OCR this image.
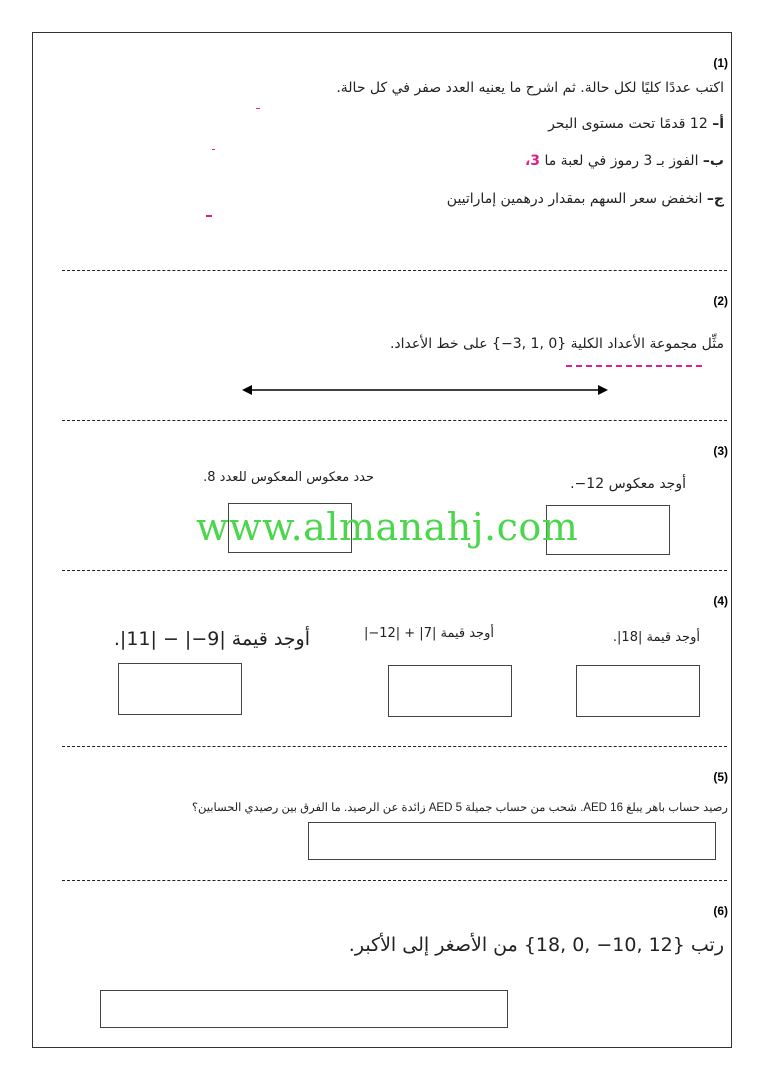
(1)
اكتب عددًا كليًا لكل حالة. ثم اشرح ما يعنيه العدد صفر في كل حالة.
أ– 12 قدمًا تحت مستوى البحر
ب– الفوز بـ 3 رموز في لعبة ما 3،
ج– انخفض سعر السهم بمقدار درهمين إماراتيين
(2)
مثِّل مجموعة الأعداد الكلية {0 ,1 ,3−} على خط الأعداد.
(3)
أوجد معكوس 12−.
حدد معكوس المعكوس للعدد 8.
(4)
أوجد قيمة |18|.
أوجد قيمة |7| + |12−|
أوجد قيمة |9−| − |11|.
(5)
رصيد حساب باهر يبلغ AED 16. شحب من حساب جميلة AED 5 زائدة عن الرصيد. ما الفرق بين رصيدي الحسابين؟
(6)
رتب {12 ,10− ,0 ,18} من الأصغر إلى الأكبر.
www.almanahj.com
